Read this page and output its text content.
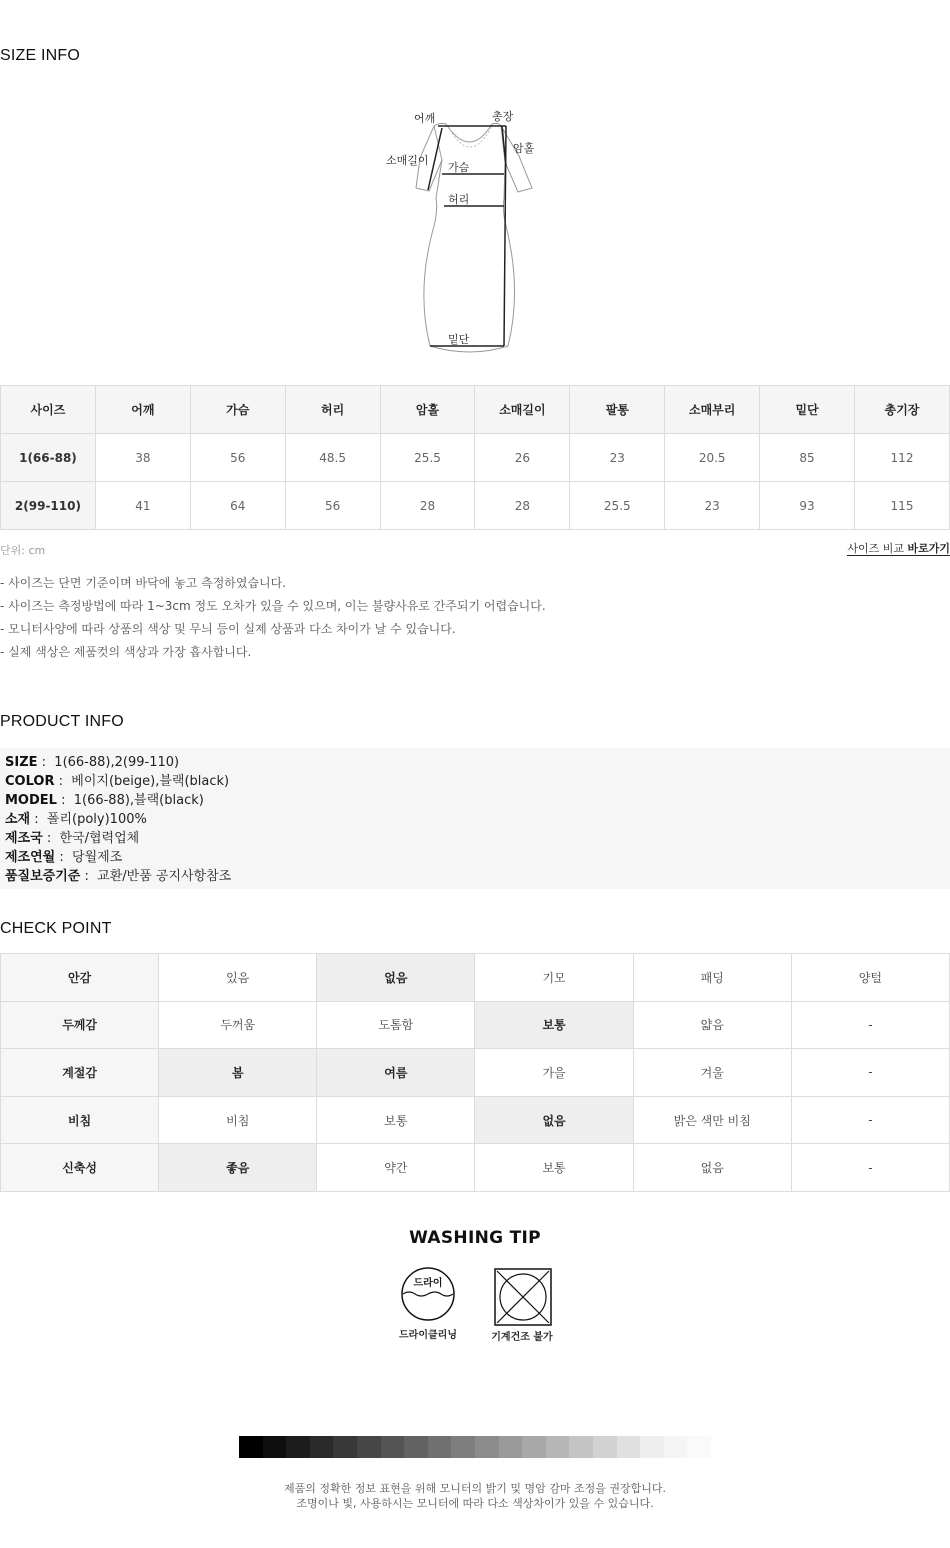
SIZE INFO
어깨	총장
암홀
소매길이
가슴
허리
밑단
사이즈	어깨	가슴	허리	암홀	소매길이	팔통	소매부리	밑단	총기장
1(66-88)	38	56	48.5	25.5	26	23	20.5	85	112
2(99-110)	41	64	56	28	28	25.5	23	93	115
단위: cm	사이즈 비교 바로가기
- 사이즈는 단면 기준이며 바닥에 놓고 측정하였습니다.
- 사이즈는 측정방법에 따라 1~3cm 정도 오차가 있을 수 있으며, 이는 불량사유로 간주되기 어렵습니다.
- 모니터사양에 따라 상품의 색상 및 무늬 등이 실제 상품과 다소 차이가 날 수 있습니다.
- 실제 색상은 제품컷의 색상과 가장 흡사합니다.
PRODUCT INFO
SIZE :  1(66-88),2(99-110)
COLOR :  베이지(beige),블랙(black)
MODEL :  1(66-88),블랙(black)
소재 :  폴리(poly)100%
제조국 :  한국/협력업체
제조연월 :  당월제조
품질보증기준 :  교환/반품 공지사항참조
CHECK POINT
안감	있음	없음	기모	패딩	양털
두께감	두꺼움	도톰함	보통	얇음	-
계절감	봄	여름	가을	겨울	-
비침	비침	보통	없음	밝은 색만 비침	-
신축성	좋음	약간	보통	없음	-
WASHING TIP
드라이
드라이클리닝	기계건조 불가
제품의 정확한 정보 표현을 위해 모니터의 밝기 및 명암 감마 조정을 권장합니다.
조명이나 빛, 사용하시는 모니터에 따라 다소 색상차이가 있을 수 있습니다.
